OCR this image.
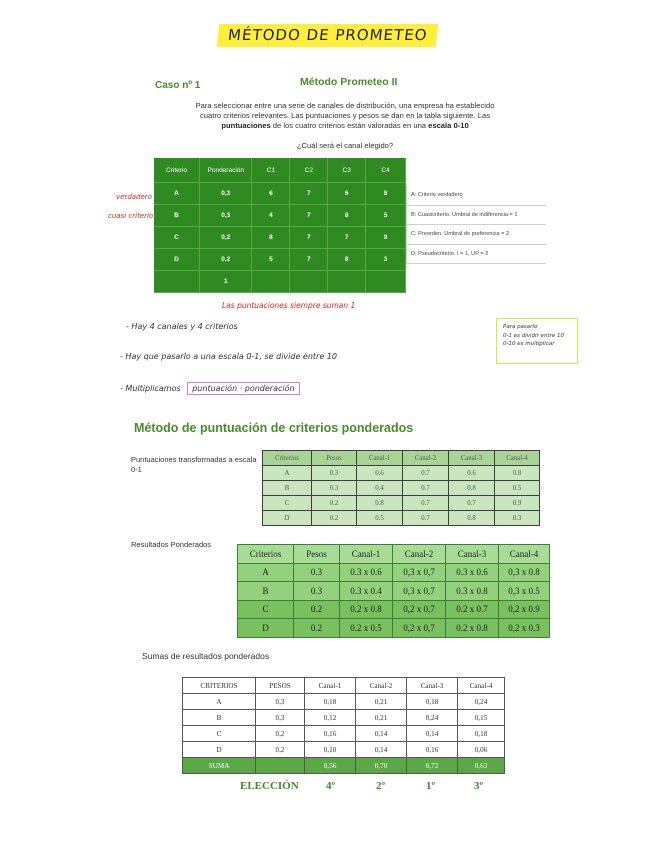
MÉTODO DE PROMETEO
Caso nº 1	Método Prometeo II
Para seleccionar entre una serie de canales de distribución, una empresa ha establecido
cuatro criterios relevantes. Las puntuaciones y pesos se dan en la tabla siguiente. Las
puntuaciones de los cuatro criterios están valoradas en una escala 0-10
¿Cuál será el canal elegido?
Criterio	Ponderación	C1	C2	C3	C4
A	0,3	6	7	6	8
B	0,3	4	7	8	5
C	0,2	8	7	7	9
D	0,2	5	7	8	3
	1				
A: Criterio verdadero
B: Cuasicriterio. Umbral de indiferencia = 1
C: Preorden. Umbral de preferencia = 2
D: Pseudocriterio. I = 1, UP = 2
verdadero
cuasi criterio
Las puntuaciones siempre suman 1
- Hay 4 canales y 4 criterios
- Hay que pasarlo a una escala 0-1, se divide entre 10
- Multiplicamos puntuación · ponderación
Para pasarlo
0-1 es dividir entre 10
0-10 es multiplicar
Método de puntuación de criterios ponderados
Puntuaciones transformadas a escala 0-1
Criterios	Pesos	Canal-1	Canal-2	Canal-3	Canal-4
A	0.3	0.6	0.7	0.6	0.8
B	0.3	0.4	0.7	0.8	0.5
C	0.2	0.8	0.7	0.7	0.9
D	0.2	0.5	0.7	0.8	0.3
Resultados Ponderados
Criterios	Pesos	Canal-1	Canal-2	Canal-3	Canal-4
A	0.3	0.3 x 0.6	0,3 x 0,7	0.3 x 0.6	0,3 x 0.8
B	0.3	0.3 x 0.4	0,3 x 0,7	0.3 x 0.8	0,3 x 0.5
C	0.2	0.2 x 0.8	0,2 x 0,7	0.2 x 0.7	0,2 x 0.9
D	0.2	0.2 x 0.5	0,2 x 0,7	0.2 x 0.8	0,2 x 0.3
Sumas de resultados ponderados
CRITERIOS	PESOS	Canal-1	Canal-2	Canal-3	Canal-4
A	0,3	0,18	0,21	0,18	0,24
B	0,3	0,12	0,21	0,24	0,15
C	0,2	0,16	0,14	0,14	0,18
D	0,2	0,10	0,14	0,16	0,06
SUMA		0,56	0,70	0,72	0,63
ELECCIÓN 4º	2º	1º	3º
